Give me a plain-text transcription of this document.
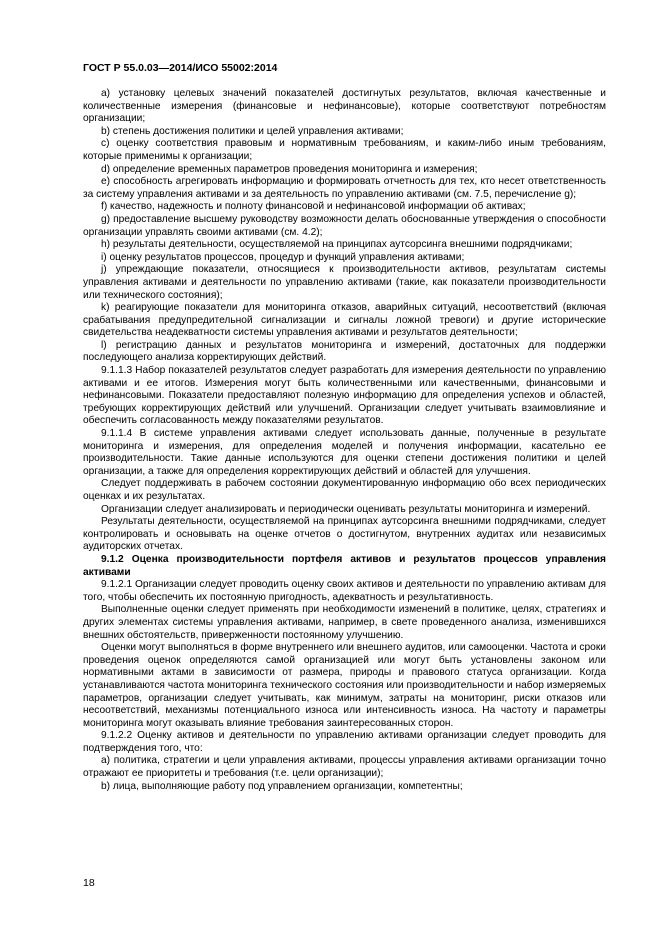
ГОСТ Р 55.0.03—2014/ИСО 55002:2014

a) установку целевых значений показателей достигнутых результатов, включая качественные и количественные измерения (финансовые и нефинансовые), которые соответствуют потребностям организации;

b) степень достижения политики и целей управления активами;

c) оценку соответствия правовым и нормативным требованиям, и каким-либо иным требованиям, которые применимы к организации;

d) определение временных параметров проведения мониторинга и измерения;

e) способность агрегировать информацию и формировать отчетность для тех, кто несет ответственность за систему управления активами и за деятельность по управлению активами (см. 7.5, перечисление g);

f) качество, надежность и полноту финансовой и нефинансовой информации об активах;

g) предоставление высшему руководству возможности делать обоснованные утверждения о способности организации управлять своими активами (см. 4.2);

h) результаты деятельности, осуществляемой на принципах аутсорсинга внешними подрядчиками;

i) оценку результатов процессов, процедур и функций управления активами;

j) упреждающие показатели, относящиеся к производительности активов, результатам системы управления активами и деятельности по управлению активами (такие, как показатели производительности или технического состояния);

k) реагирующие показатели для мониторинга отказов, аварийных ситуаций, несоответствий (включая срабатывания предупредительной сигнализации и сигналы ложной тревоги) и другие исторические свидетельства неадекватности системы управления активами и результатов деятельности;

l) регистрацию данных и результатов мониторинга и измерений, достаточных для поддержки последующего анализа корректирующих действий.

9.1.1.3 Набор показателей результатов следует разработать для измерения деятельности по управлению активами и ее итогов. Измерения могут быть количественными или качественными, финансовыми и нефинансовыми. Показатели предоставляют полезную информацию для определения успехов и областей, требующих корректирующих действий или улучшений. Организации следует учитывать взаимовлияние и обеспечить согласованность между показателями результатов.

9.1.1.4 В системе управления активами следует использовать данные, полученные в результате мониторинга и измерения, для определения моделей и получения информации, касательно ее производительности. Такие данные используются для оценки степени достижения политики и целей организации, а также для определения корректирующих действий и областей для улучшения.

Следует поддерживать в рабочем состоянии документированную информацию обо всех периодических оценках и их результатах.

Организации следует анализировать и периодически оценивать результаты мониторинга и измерений.

Результаты деятельности, осуществляемой на принципах аутсорсинга внешними подрядчиками, следует контролировать и основывать на оценке отчетов о достигнутом, внутренних аудитах или независимых аудиторских отчетах.

9.1.2 Оценка производительности портфеля активов и результатов процессов управления активами

9.1.2.1 Организации следует проводить оценку своих активов и деятельности по управлению активам для того, чтобы обеспечить их постоянную пригодность, адекватность и результативность.

Выполненные оценки следует применять при необходимости изменений в политике, целях, стратегиях и других элементах системы управления активами, например, в свете проведенного анализа, изменившихся внешних обстоятельств, приверженности постоянному улучшению.

Оценки могут выполняться в форме внутреннего или внешнего аудитов, или самооценки. Частота и сроки проведения оценок определяются самой организацией или могут быть установлены законом или нормативными актами в зависимости от размера, природы и правового статуса организации. Когда устанавливаются частота мониторинга технического состояния или производительности и набор измеряемых параметров, организации следует учитывать, как минимум, затраты на мониторинг, риски отказов или несоответствий, механизмы потенциального износа или интенсивность износа. На частоту и параметры мониторинга могут оказывать влияние требования заинтересованных сторон.

9.1.2.2 Оценку активов и деятельности по управлению активами организации следует проводить для подтверждения того, что:

a) политика, стратегии и цели управления активами, процессы управления активами организации точно отражают ее приоритеты и требования (т.е. цели организации);

b) лица, выполняющие работу под управлением организации, компетентны;

18
